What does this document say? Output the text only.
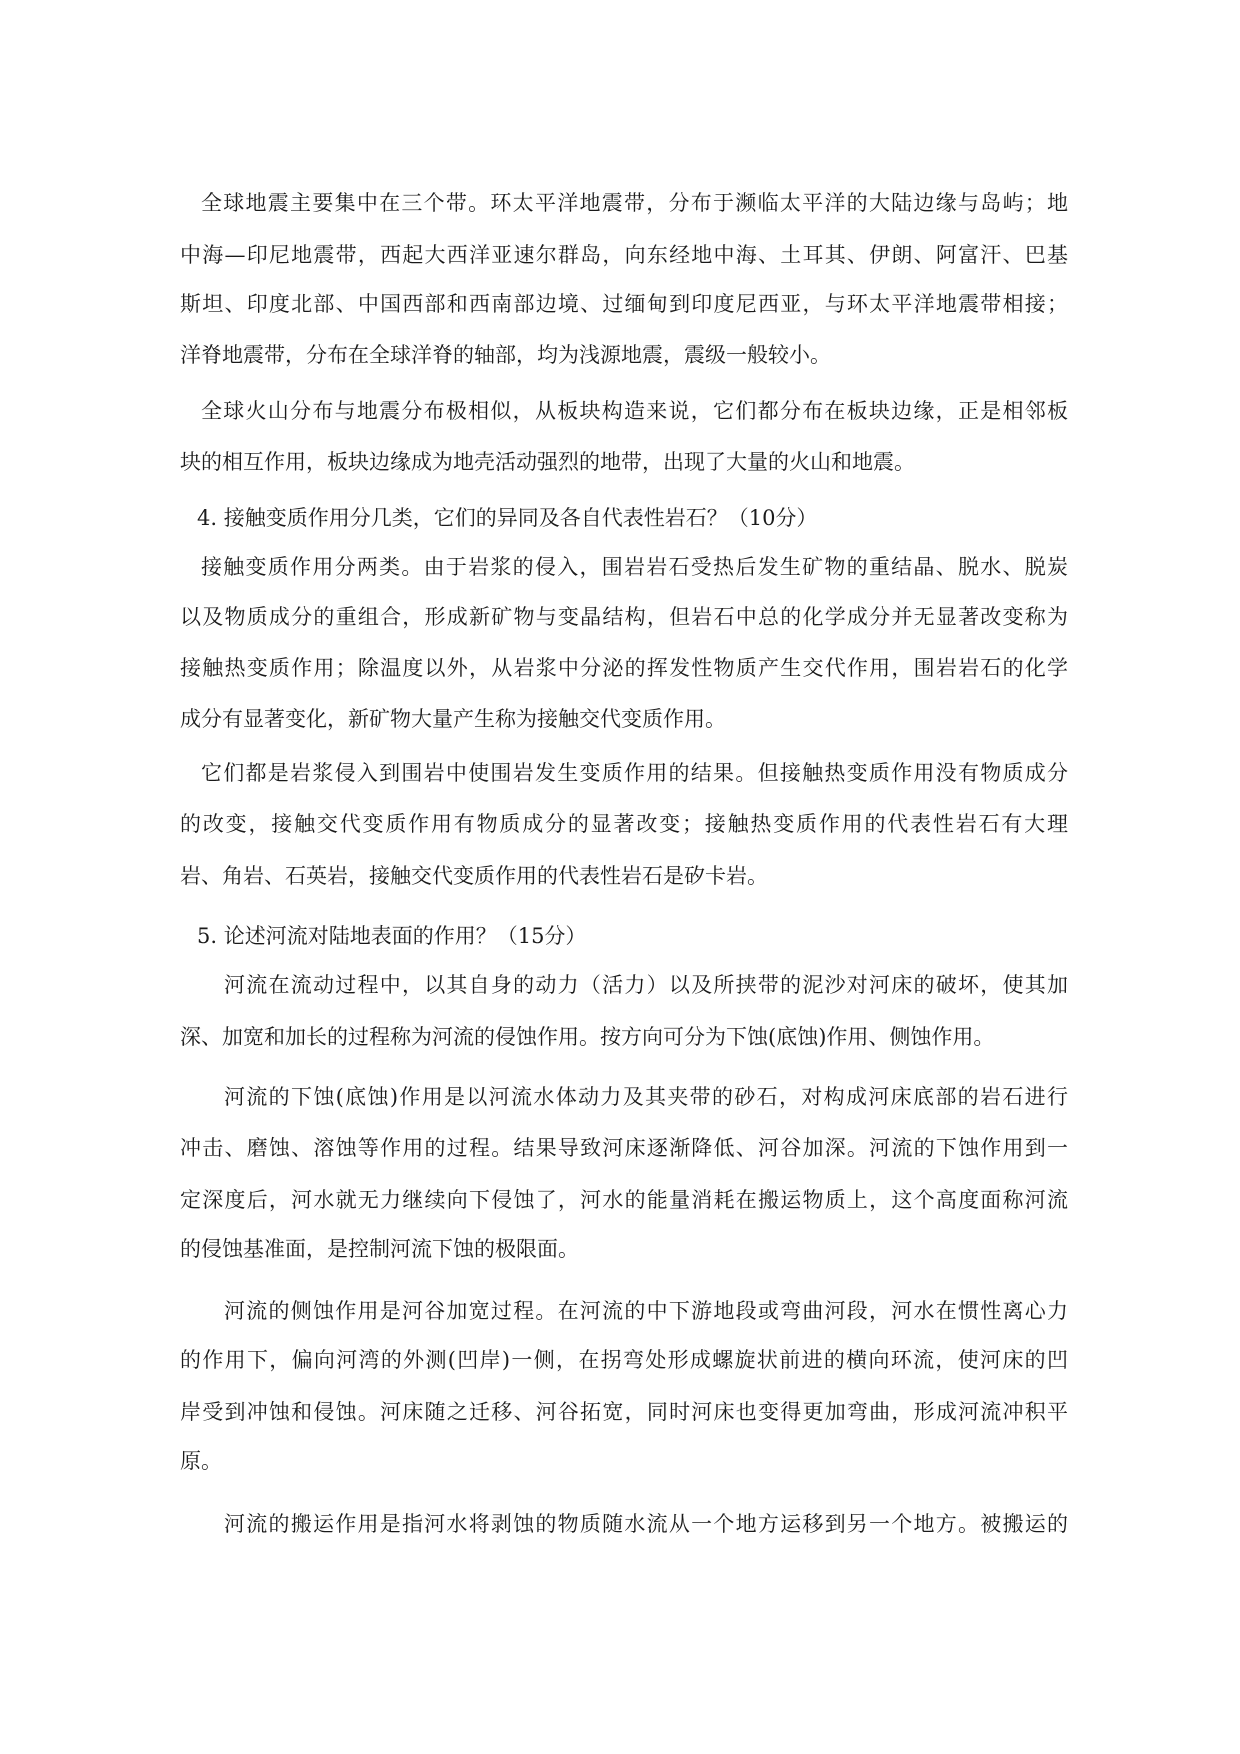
全球地震主要集中在三个带。环太平洋地震带，分布于濒临太平洋的大陆边缘与岛屿；地
中海—印尼地震带，西起大西洋亚速尔群岛，向东经地中海、土耳其、伊朗、阿富汗、巴基
斯坦、印度北部、中国西部和西南部边境、过缅甸到印度尼西亚，与环太平洋地震带相接；
洋脊地震带，分布在全球洋脊的轴部，均为浅源地震，震级一般较小。
全球火山分布与地震分布极相似，从板块构造来说，它们都分布在板块边缘，正是相邻板
块的相互作用，板块边缘成为地壳活动强烈的地带，出现了大量的火山和地震。
4. 接触变质作用分几类，它们的异同及各自代表性岩石？（10分）
接触变质作用分两类。由于岩浆的侵入，围岩岩石受热后发生矿物的重结晶、脱水、脱炭
以及物质成分的重组合，形成新矿物与变晶结构，但岩石中总的化学成分并无显著改变称为
接触热变质作用；除温度以外，从岩浆中分泌的挥发性物质产生交代作用，围岩岩石的化学
成分有显著变化，新矿物大量产生称为接触交代变质作用。
它们都是岩浆侵入到围岩中使围岩发生变质作用的结果。但接触热变质作用没有物质成分
的改变，接触交代变质作用有物质成分的显著改变；接触热变质作用的代表性岩石有大理
岩、角岩、石英岩，接触交代变质作用的代表性岩石是矽卡岩。
5. 论述河流对陆地表面的作用？（15分）
河流在流动过程中，以其自身的动力（活力）以及所挟带的泥沙对河床的破坏，使其加
深、加宽和加长的过程称为河流的侵蚀作用。按方向可分为下蚀(底蚀)作用、侧蚀作用。
河流的下蚀(底蚀)作用是以河流水体动力及其夹带的砂石，对构成河床底部的岩石进行
冲击、磨蚀、溶蚀等作用的过程。结果导致河床逐渐降低、河谷加深。河流的下蚀作用到一
定深度后，河水就无力继续向下侵蚀了，河水的能量消耗在搬运物质上，这个高度面称河流
的侵蚀基准面，是控制河流下蚀的极限面。
河流的侧蚀作用是河谷加宽过程。在河流的中下游地段或弯曲河段，河水在惯性离心力
的作用下，偏向河湾的外测(凹岸)一侧，在拐弯处形成螺旋状前进的横向环流，使河床的凹
岸受到冲蚀和侵蚀。河床随之迁移、河谷拓宽，同时河床也变得更加弯曲，形成河流冲积平
原。
河流的搬运作用是指河水将剥蚀的物质随水流从一个地方运移到另一个地方。被搬运的
